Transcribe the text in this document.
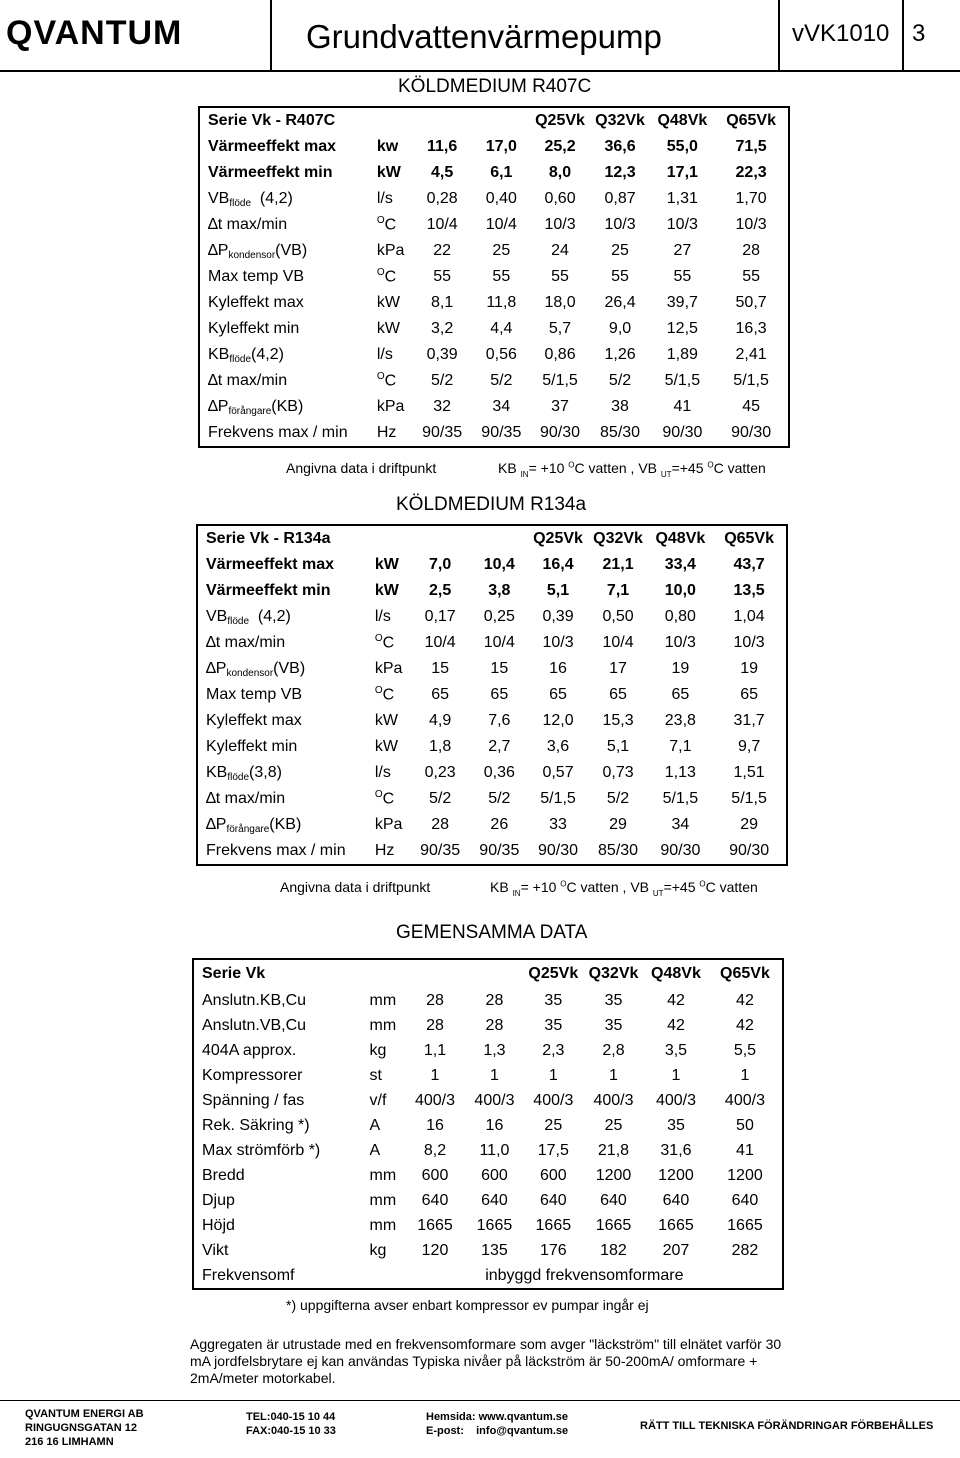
QVANTUM	Grundvattenvärmepump	vVK1010 3
KÖLDMEDIUM R407C
Serie Vk - R407C				Q25Vk	Q32Vk	Q48Vk	Q65Vk
Värmeeffekt max	kw	11,6	17,0	25,2	36,6	55,0	71,5
Värmeeffekt min	kW	4,5	6,1	8,0	12,3	17,1	22,3
$VB_{flöde}$  (4,2)	l/s	0,28	0,40	0,60	0,87	1,31	1,70
∆t max/min	$^O$C	10/4	10/4	10/3	10/3	10/3	10/3
$\Delta P_{kondensor}(VB)$	kPa	22	25	24	25	27	28
Max temp VB	$^O$C	55	55	55	55	55	55
Kyleffekt max	kW	8,1	11,8	18,0	26,4	39,7	50,7
Kyleffekt min	kW	3,2	4,4	5,7	9,0	12,5	16,3
$KB_{flöde}(4,2)$	l/s	0,39	0,56	0,86	1,26	1,89	2,41
∆t max/min	$^O$C	5/2	5/2	5/1,5	5/2	5/1,5	5/1,5
$\Delta P_{förångare}(KB)$	kPa	32	34	37	38	41	45
Frekvens max / min	Hz	90/35	90/35	90/30	85/30	90/30	90/30
Angivna data i driftpunkt	KB $_{IN}$= +10 $^O$C vatten , VB $_{UT}$=+45 $^O$C vatten
KÖLDMEDIUM R134a
Serie Vk - R134a				Q25Vk	Q32Vk	Q48Vk	Q65Vk
Värmeeffekt max	kW	7,0	10,4	16,4	21,1	33,4	43,7
Värmeeffekt min	kW	2,5	3,8	5,1	7,1	10,0	13,5
$VB_{flöde}$  (4,2)	l/s	0,17	0,25	0,39	0,50	0,80	1,04
∆t max/min	$^O$C	10/4	10/4	10/3	10/4	10/3	10/3
$\Delta P_{kondensor}(VB)$	kPa	15	15	16	17	19	19
Max temp VB	$^O$C	65	65	65	65	65	65
Kyleffekt max	kW	4,9	7,6	12,0	15,3	23,8	31,7
Kyleffekt min	kW	1,8	2,7	3,6	5,1	7,1	9,7
$KB_{flöde}(3,8)$	l/s	0,23	0,36	0,57	0,73	1,13	1,51
∆t max/min	$^O$C	5/2	5/2	5/1,5	5/2	5/1,5	5/1,5
$\Delta P_{förångare}(KB)$	kPa	28	26	33	29	34	29
Frekvens max / min	Hz	90/35	90/35	90/30	85/30	90/30	90/30
Angivna data i driftpunkt	KB $_{IN}$= +10 $^O$C vatten , VB $_{UT}$=+45 $^O$C vatten
GEMENSAMMA DATA
Serie Vk				Q25Vk	Q32Vk	Q48Vk	Q65Vk
Anslutn.KB,Cu	mm	28	28	35	35	42	42
Anslutn.VB,Cu	mm	28	28	35	35	42	42
404A approx.	kg	1,1	1,3	2,3	2,8	3,5	5,5
Kompressorer	st	1	1	1	1	1	1
Spänning / fas	v/f	400/3	400/3	400/3	400/3	400/3	400/3
Rek. Säkring *)	A	16	16	25	25	35	50
Max strömförb *)	A	8,2	11,0	17,5	21,8	31,6	41
Bredd	mm	600	600	600	1200	1200	1200
Djup	mm	640	640	640	640	640	640
Höjd	mm	1665	1665	1665	1665	1665	1665
Vikt	kg	120	135	176	182	207	282
Frekvensomf			inbyggd frekvensomformare				
*) uppgifterna avser enbart kompressor ev pumpar ingår ej
Aggregaten är utrustade med en frekvensomformare som avger "läckström" till elnätet varför 30 mA jordfelsbrytare ej kan användas Typiska nivåer på läckström är 50-200mA/ omformare + 2mA/meter motorkabel.
QVANTUM ENERGI AB
RINGUGNSGATAN 12
216 16 LIMHAMN
TEL:040-15 10 44
FAX:040-15 10 33
Hemsida: www.qvantum.se
E-post: info@qvantum.se	RÄTT TILL TEKNISKA FÖRÄNDRINGAR FÖRBEHÅLLES
